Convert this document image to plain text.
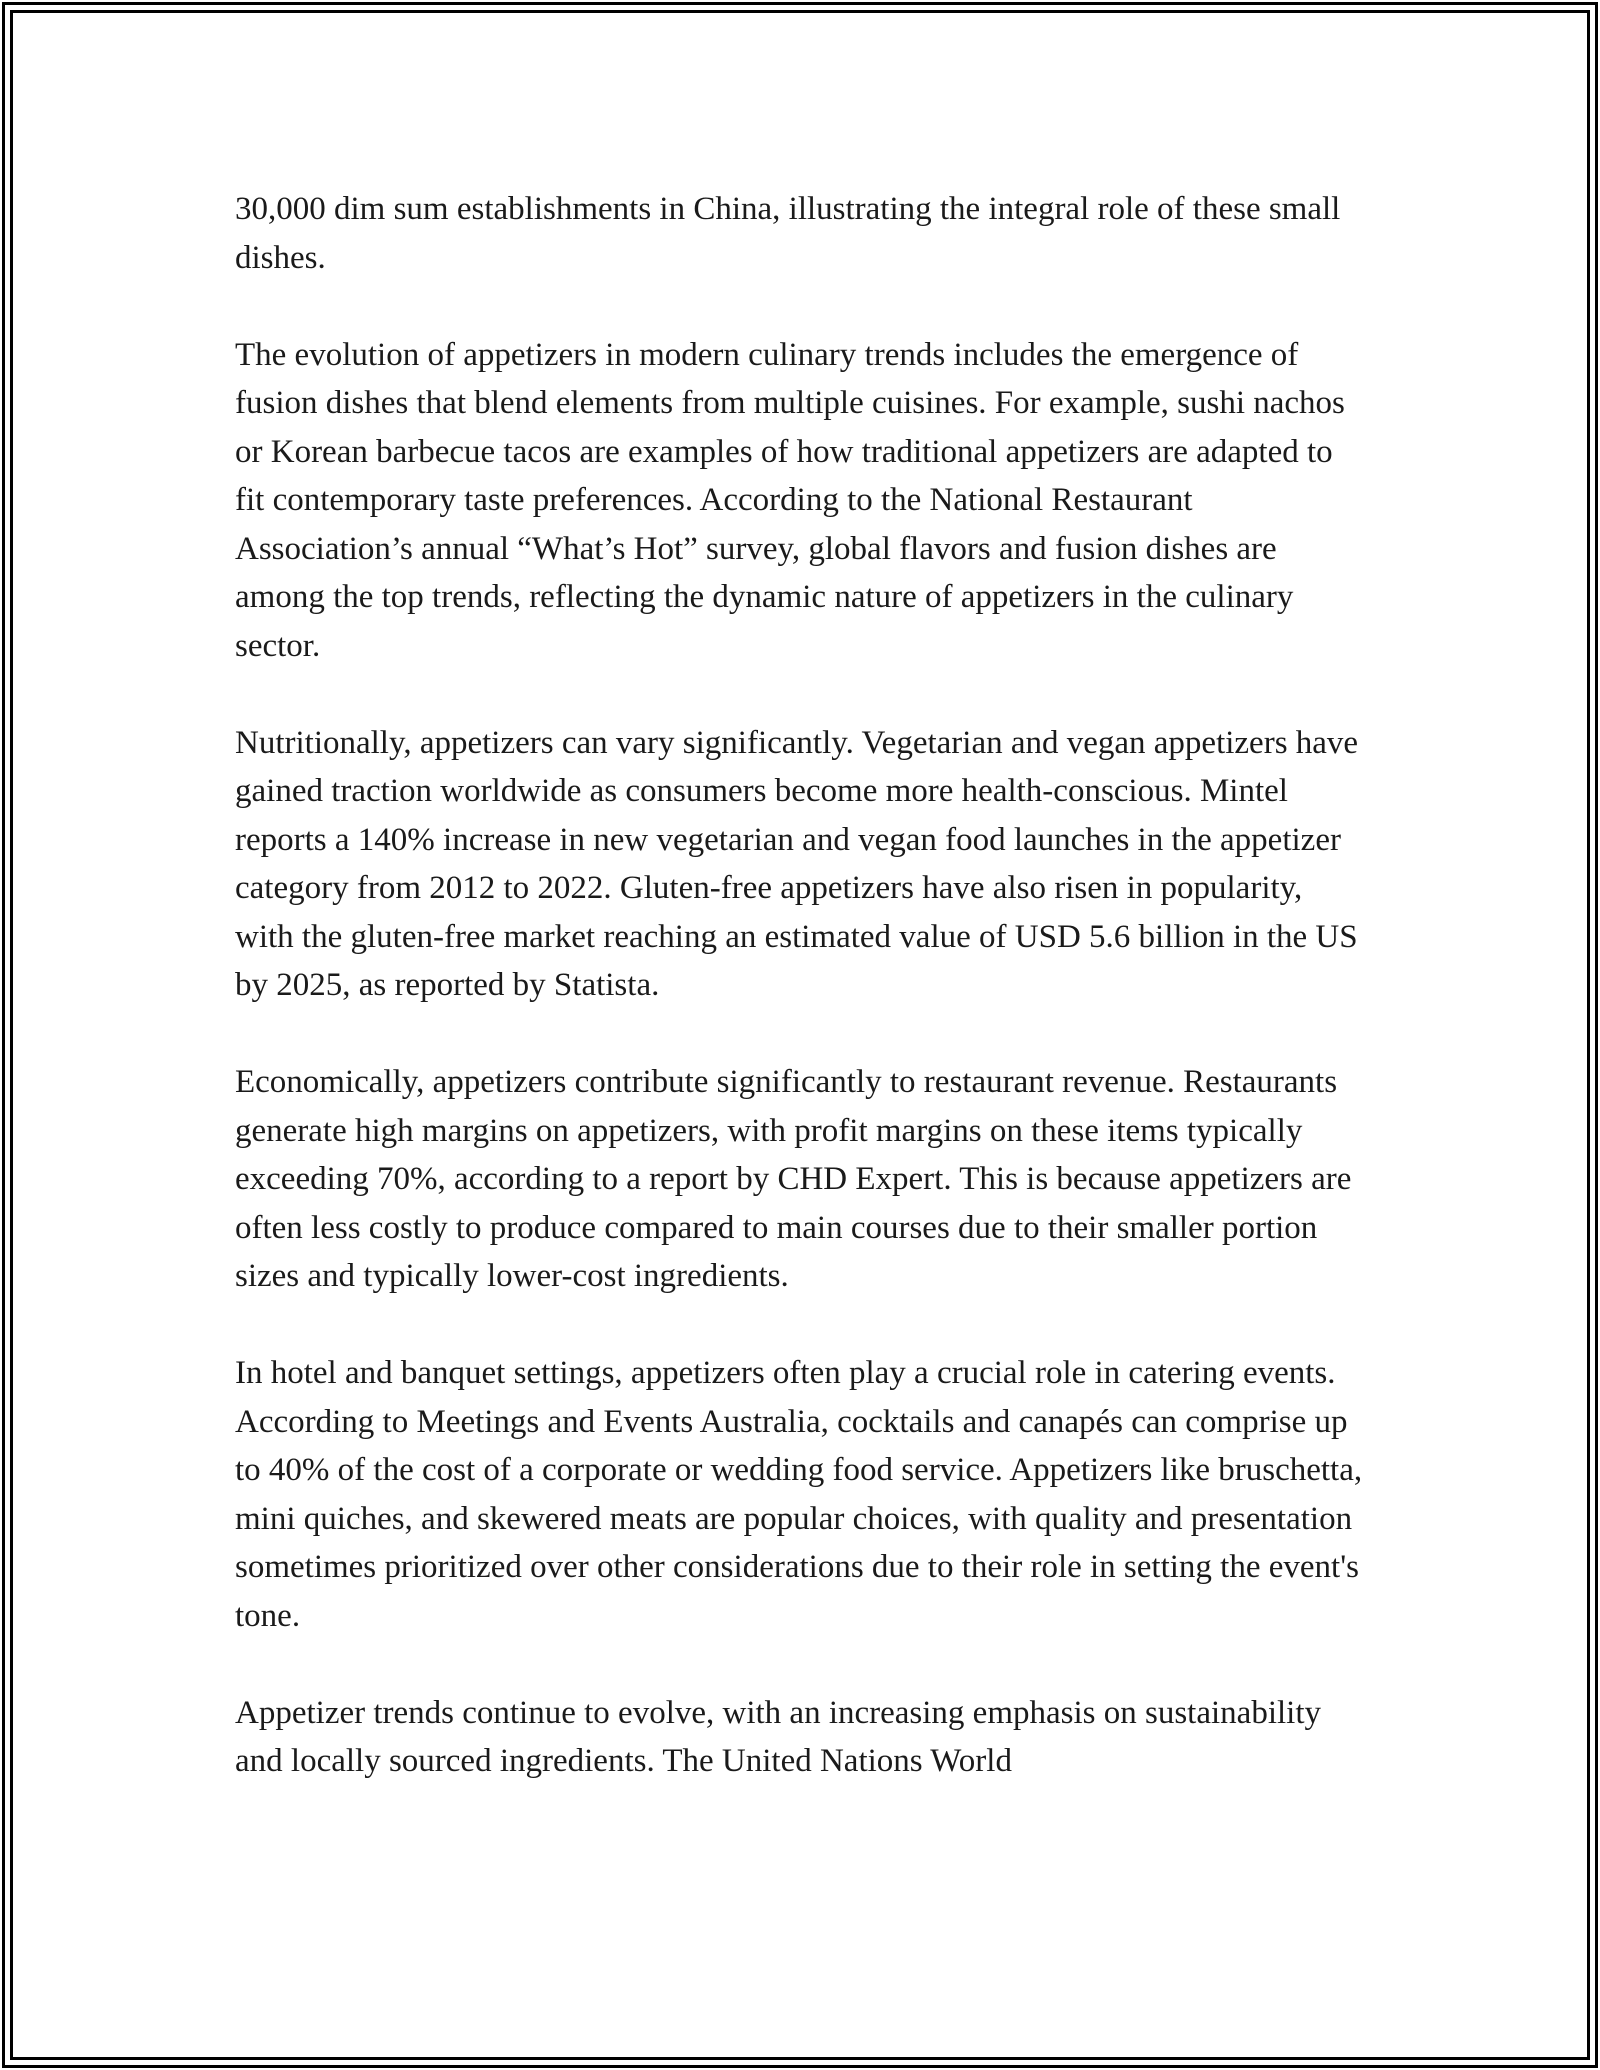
30,000 dim sum establishments in China, illustrating the integral role of these small dishes.

The evolution of appetizers in modern culinary trends includes the emergence of fusion dishes that blend elements from multiple cuisines. For example, sushi nachos or Korean barbecue tacos are examples of how traditional appetizers are adapted to fit contemporary taste preferences. According to the National Restaurant Association’s annual “What’s Hot” survey, global flavors and fusion dishes are among the top trends, reflecting the dynamic nature of appetizers in the culinary sector.

Nutritionally, appetizers can vary significantly. Vegetarian and vegan appetizers have gained traction worldwide as consumers become more health-conscious. Mintel reports a 140% increase in new vegetarian and vegan food launches in the appetizer category from 2012 to 2022. Gluten-free appetizers have also risen in popularity, with the gluten-free market reaching an estimated value of USD 5.6 billion in the US by 2025, as reported by Statista.

Economically, appetizers contribute significantly to restaurant revenue. Restaurants generate high margins on appetizers, with profit margins on these items typically exceeding 70%, according to a report by CHD Expert. This is because appetizers are often less costly to produce compared to main courses due to their smaller portion sizes and typically lower-cost ingredients.

In hotel and banquet settings, appetizers often play a crucial role in catering events. According to Meetings and Events Australia, cocktails and canapés can comprise up to 40% of the cost of a corporate or wedding food service. Appetizers like bruschetta, mini quiches, and skewered meats are popular choices, with quality and presentation sometimes prioritized over other considerations due to their role in setting the event's tone.

Appetizer trends continue to evolve, with an increasing emphasis on sustainability and locally sourced ingredients. The United Nations World
